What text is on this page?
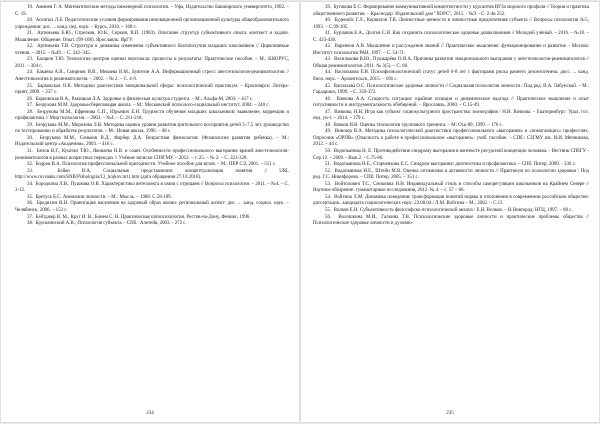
19. Аминев Г. А. Математические методы инженерной психологии. – Уфа, Издательство Башкирского университета, 1982. – С. 19.

20. Асеатых Л.Е. Педагогические условия формирования инновационной организационной культуры общеобразовательного учреждения: дис. ... канд. пед. наук. – Курск, 2010. – 168 с.

21. Артемьева Е.Ю., Стрелков, Ю.К., Серкин, В.П. (1983). Описание структур субъективного опыта: контекст и задачи. Мышление: Общение. Опыт. (99-108). Ярославль: ЯрГУ.

22. Артемьева Т.В. Структура и динамика изменения субъективного благополучия младших школьников // Циркониевые чтения. – 2015. – №49. – С. 342–345.

23. Базаров Т.Ю. Технология центров оценки персонала: процессы и результаты: Практическое пособие. – М.: КНОРУС, 2011. – 304 с.

24. Бакаева А.В., Смирнов И.В., Мизаева В.М., Буянтин А.А. Информационный стресс анестезиологов-реаниматологов // Анестезиология и реаниматология. – 2002. – № 2. – С. 4-9.

25. Барковская О.В. Методики диагностики эмоциональной сферы: психологический практикум. – Красноярск: Литера-принт, 2009. – 237 с.

26. Барковская В.А., Ракицкая Л.А. Здоровье и физическая культура студента. – М.: Альфа-М, 2003. – 417 с.

27. Безрукова М.М. Здоровьесберегающая школа. – М.: Московский психолого-социальный институт, 2004. – 240 с.

28. Безрукова М.М., Ефремова С.П., Юрьевич Е.Н. Трудности обучения младших школьников: выявление, коррекция и профилактика // Мир психологии. – 2003. – №4. – С. 211-218.

29. Безрукова М.М., Морозова Л.В. Методика оценки уровня развития зрительного восприятия детей 5–7,5 лет. руководство по тестированию и обработке результатов. – М.: Новая школа, 1996. – 48 с.

30. Безрукова М.М., Соньков В.Д., Фарбер Д.А. Возрастная физиология: (Физиология развития ребенка). – М.: Издательский центр «Академия», 2003. – 416 с.

31. Белов В.Г., Куштан Т.Ю., Яковлева Н.В. и соавт. Особенности профессионального выгорания врачей анестезиологов-реаниматологов в разных возрастных периодах // Учёные записки СПбГМУ. – 2012. – т. 25. – № 2. – С. 323-328.

32. Бодров В.А. Психология профессиональной пригодности. Учебное пособие для вузов. – М.: ПЕР СЭ, 2001. – 511 с.

33.	Бойко В.А. Социальные представления: концептуализация понятия // URL http://www.ruvsaaks.com/SNB/Psihologiia/12_hojkov/art1.htm (дата обращения 27.10.2018).

34. Бородкина Л.В., Пушкова О.В. Характеристика интеллекта в связи с отрицаем // Вопросы психологии. – 2011. – №4. – С. 3-12.

35. Бретусь Б.С. Аномалии личности. – М.: Мысль. – 1988. С.58-109.

36. Бредихин Н.Н. Ориентация населения на здоровый образ жизни: региональный аспект: дис. ... канд. социол. наук. – Челябинск, 2006. – 153 с.

37. Бэйтджер В. М., Круг И. В., Бонем С. Н. Практическая патопсихология. Ростов-на-Дону, Феникс, 1996.

38. Брушлинский А.В., Психология субъекта. - СПб.: Алетейя, 2003. - 272 с.

234

39. Бутакова Е.С. Формирование коммуникативной компетентности у курсантов ВУЗа морского профиля // Теория и практика общественного развития. – Краснодар: Издательский дом "ХОРС", 2015. - №9. - С. 2-4в 252.

40. Буденийс Г.Л., Корнилов Т.В. Личностные ценности и личностные предпочтения субъекта // Вопросы психологии №5, 1993. – С.99-105.

41. Бурлаков Е.А., Долгов С.Н. Как сохранить психологическое здоровье дошкольников // Молодой учёный. – 2016. – №18. – С. 433-436.

42. Варенков А.В. Мышление и рассуждения знаний // Практическое мышление: функционирование и развитие – Москва: Институт психологии РАН, 1997. – С. 54-71.

43. Василькова В.Ю., Пушкарёва О.И.А. Причины развития эмоционального выгорания у анестезиологов-реаниматологов // Общая реаниматология. 2011. № 3(5). – С. 66.

44. Василькова Е.В. Психофизиологический статус детей 6-8 лет с факторами риска раннего дезонтогенеза: дисс. ... канд. биол. наук. – Архангельск, 2015. – 166 с.

45. Васильева О.С. Психологические здоровье личности // Социальная психология личности / Под ред. В.А. Лабунской. – М.: Гардарики, 1999. – С. 359-372.

46. Вачкова А.А. Сущность ситуации: крайние позиции и динамическое надгода // Практическое мышление и опыт ситуативности и инструментальность обобщений. – Ярославль, 2000. – С.15-49.

47. Вачкова, Н.Н. Игра как субъект социокультурного пространства: монография / Н.Н. Вачкова. – Екатеринбург: Урал. гос. пед. ун-т. – 2014. – 379 с.

48. Вачков И.В. Оценка технологии группового тренинга. – М: Ось-89, 1999. – 176 с.

49. Виноюр В.А. Методика психологической диагностики профессионального «выгорания» в «помогающих» профессиях. Опросник «ОРПВ» (Опасность к работе в профессиональном «выгорании»: учеб. пособие. – СПб.: СЗГМУ им. И.И. Мечникова, 2012. – 44 с.

50. Водопьянова Н. Е. Противодействие синдрому выгорания в контексте ресурсной концепции человека. - Вестник СПбГУ - Сер.12. – 2009. - Вып.2. - С.75-86.

51. Водопьянова Н.Е., Старченкова Е.С. Синдром выгорания: диагностика и профилактика. – СПб: Питер, 2009. - 336 с.

52. Водопьянова Н.Е., Штейн М.В. Оценка оптимизма и активности личности // Практикум по психологии здоровья / Под ред. Г.С. Никифорова. – СПб: Питер, 2005. – 351 с.

53. Войтолович Т.С., Смоковиа Н.Н. Индивидуальный стиль и способы саморегуляции школьников на Крайнем Севере // Научное обозрение: гуманитарные исследования, 2012. № 4. – с. 57 – 66.

54. Войтина Л.М. Динамика поведения: трансформация понятий нормы и отклонения в современном российском обществе: диссертация...кандидата социологических наук: 22.00.04 / Л.М. Войтина – М., 2002. – С.13

55. Волков Е.Н. Субъективность философско-психологической анализ / Е.Н. Волков. – Н.Новгород: НГЦ, 1997. – 80 с.

56. Волошкина М.И., Галкина Т.В. Психологические здоровые личности и практические проблемы общества // Психологическое здоровье личности и духовно-

235
